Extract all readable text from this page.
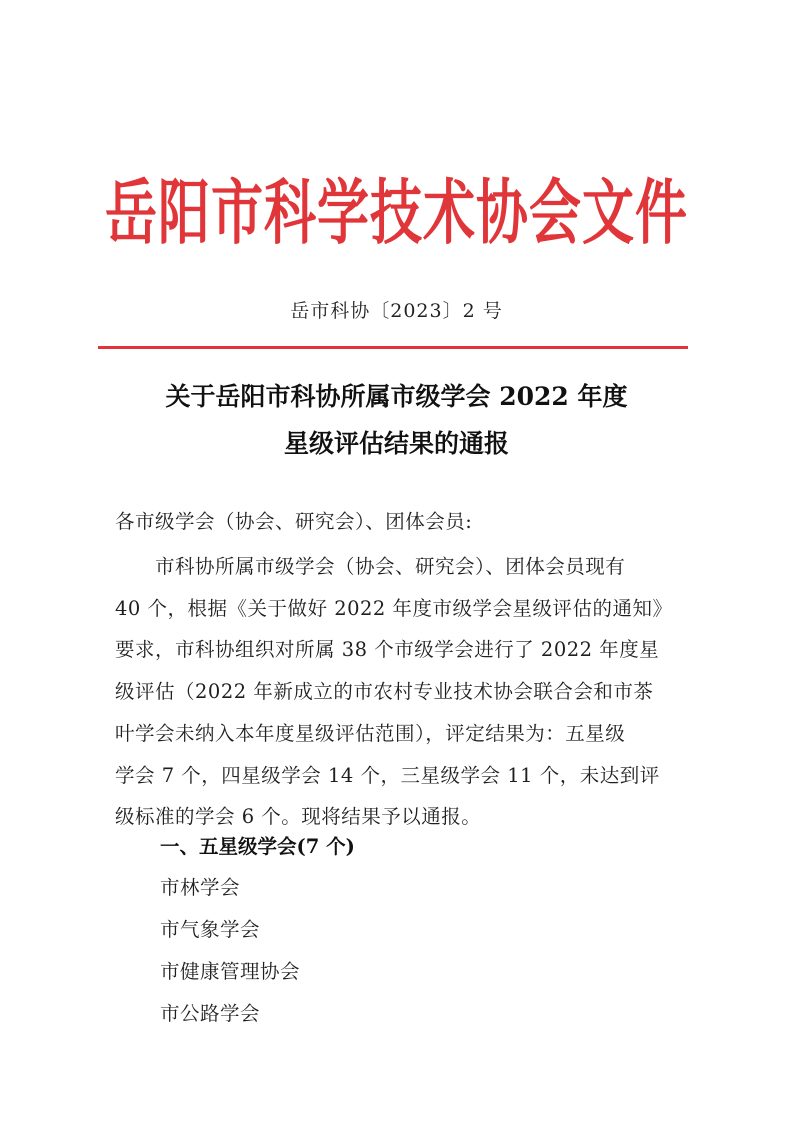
岳阳市科学技术协会文件
岳市科协〔2023〕2 号
关于岳阳市科协所属市级学会 2022 年度
星级评估结果的通报
各市级学会（协会、研究会）、团体会员:
　　市科协所属市级学会（协会、研究会）、团体会员现有
40 个，根据《关于做好 2022 年度市级学会星级评估的通知》
要求，市科协组织对所属 38 个市级学会进行了 2022 年度星
级评估（2022 年新成立的市农村专业技术协会联合会和市茶
叶学会未纳入本年度星级评估范围），评定结果为：五星级
学会 7 个，四星级学会 14 个，三星级学会 11 个，未达到评
级标准的学会 6 个。现将结果予以通报。
一、五星级学会(7 个)
市林学会
市气象学会
市健康管理协会
市公路学会
